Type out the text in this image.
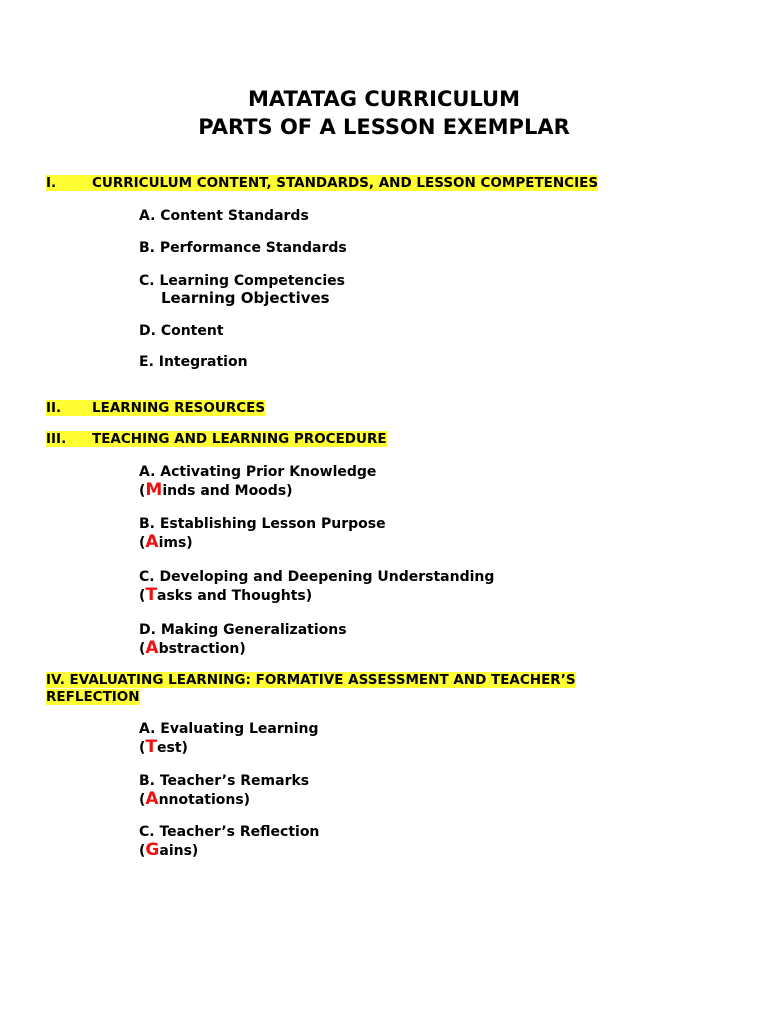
MATATAG CURRICULUM
PARTS OF A LESSON EXEMPLAR
I.	CURRICULUM CONTENT, STANDARDS, AND LESSON COMPETENCIES
A. Content Standards
B. Performance Standards
C. Learning Competencies
Learning Objectives
D. Content
E. Integration
II. LEARNING RESOURCES
III. TEACHING AND LEARNING PROCEDURE
A. Activating Prior Knowledge
(Minds and Moods)
B. Establishing Lesson Purpose
(Aims)
C. Developing and Deepening Understanding
(Tasks and Thoughts)
D. Making Generalizations
(Abstraction)
IV. EVALUATING LEARNING: FORMATIVE ASSESSMENT AND TEACHER’S
REFLECTION
A. Evaluating Learning
(Test)
B. Teacher’s Remarks
(Annotations)
C. Teacher’s Reflection
(Gains)
